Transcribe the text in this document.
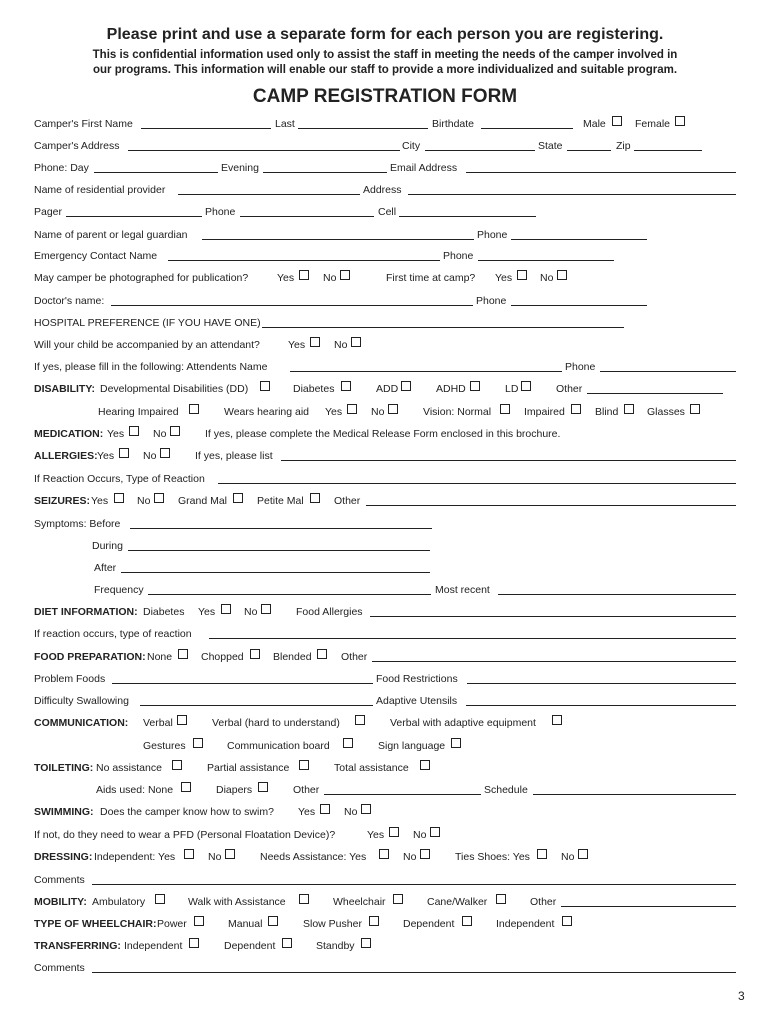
Please print and use a separate form for each person you are registering.
This is confidential information used only to assist the staff in meeting the needs of the camper involved in
our programs. This information will enable our staff to provide a more individualized and suitable program.
CAMP REGISTRATION FORM
Camper's First Name	Last	Birthdate	Male	Female
Camper's Address	City	State	Zip
Phone: Day	Evening	Email Address
Name of residential provider	Address
Pager	Phone	Cell
Name of parent or legal guardian	Phone
Emergency Contact Name	Phone
May camper be photographed for publication?	Yes	No	First time at camp? Yes	No
Doctor's name:	Phone
HOSPITAL PREFERENCE (IF YOU HAVE ONE)
Will your child be accompanied by an attendant?	Yes	No
If yes, please fill in the following: Attendents Name	Phone
DISABILITY: Developmental Disabilities (DD)	Diabetes	ADD	ADHD	LD	Other
Hearing Impaired	Wears hearing aid Yes	No	Vision: Normal	Impaired	Blind	Glasses
MEDICATION: Yes	No	If yes, please complete the Medical Release Form enclosed in this brochure.
ALLERGIES: Yes	No	If yes, please list
If Reaction Occurs, Type of Reaction
SEIZURES: Yes	No	Grand Mal	Petite Mal	Other
Symptoms: Before
During
After
Frequency	Most recent
DIET INFORMATION: Diabetes Yes	No	Food Allergies
If reaction occurs, type of reaction
FOOD PREPARATION: None	Chopped	Blended	Other
Problem Foods	Food Restrictions
Difficulty Swallowing	Adaptive Utensils
COMMUNICATION: Verbal	Verbal (hard to understand)	Verbal with adaptive equipment
Gestures	Communication board	Sign language
TOILETING: No assistance	Partial assistance	Total assistance
Aids used: None	Diapers	Other	Schedule
SWIMMING: Does the camper know how to swim? Yes	No
If not, do they need to wear a PFD (Personal Floatation Device)?	Yes	No
DRESSING: Independent: Yes	No	Needs Assistance: Yes	No	Ties Shoes: Yes	No
Comments
MOBILITY: Ambulatory	Walk with Assistance	Wheelchair	Cane/Walker	Other
TYPE OF WHEELCHAIR: Power	Manual	Slow Pusher	Dependent	Independent
TRANSFERRING: Independent	Dependent	Standby
Comments
3
